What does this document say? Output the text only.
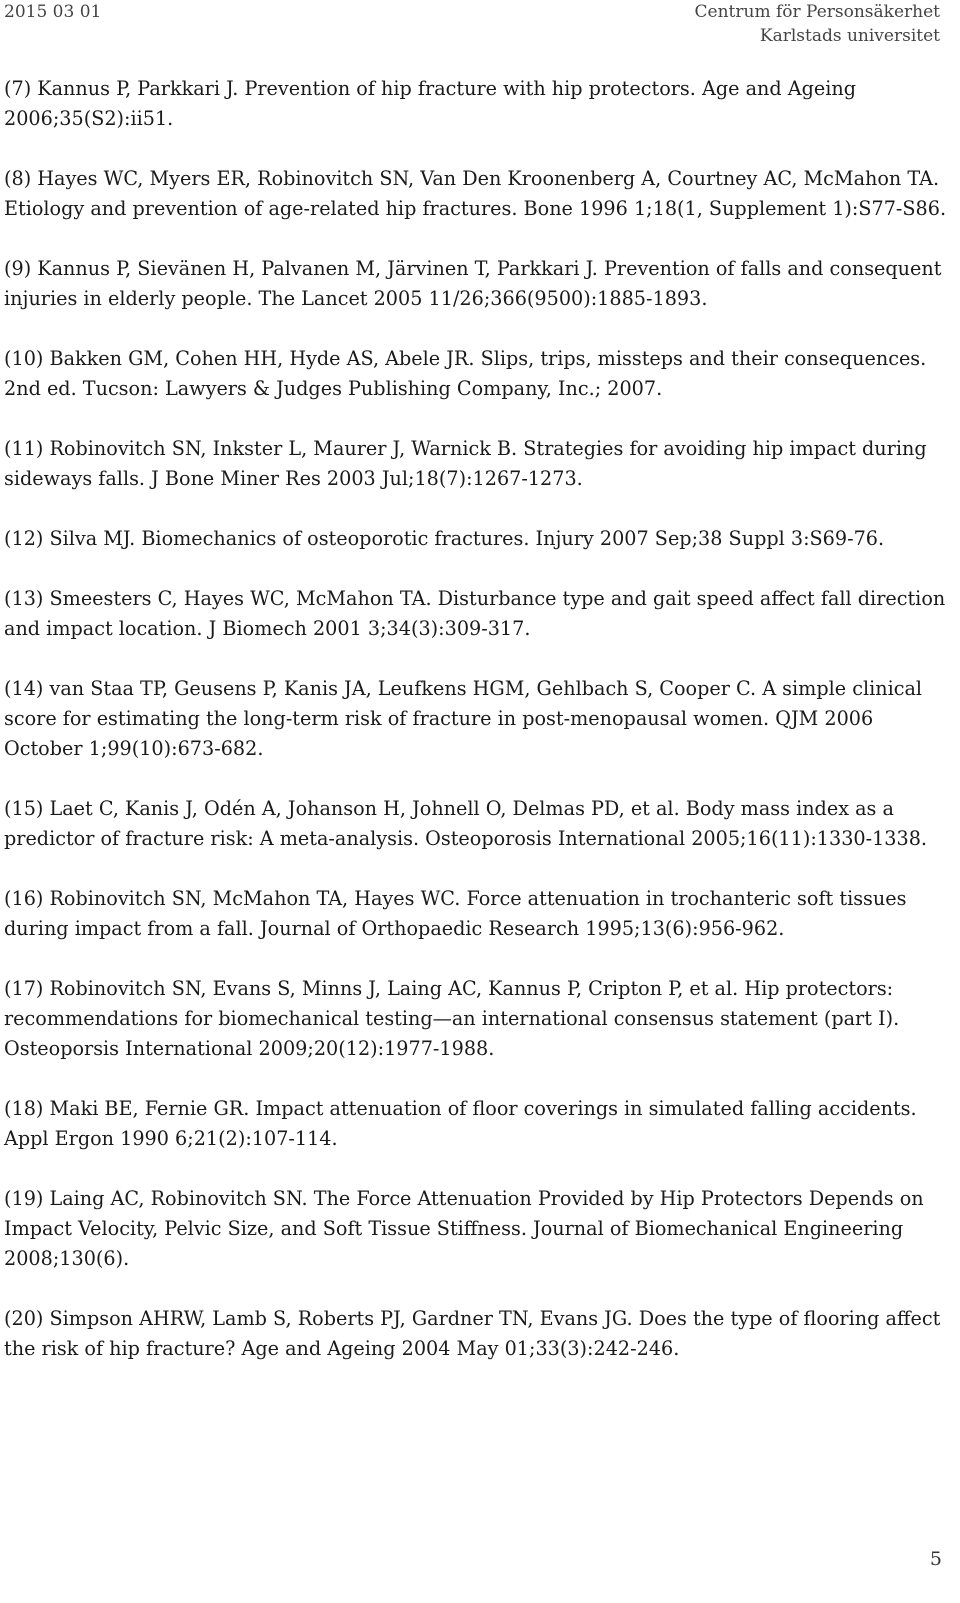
2015 03 01	Centrum för Personsäkerhet
Karlstads universitet
(7) Kannus P, Parkkari J. Prevention of hip fracture with hip protectors. Age and Ageing 2006;35(S2):ii51.
(8) Hayes WC, Myers ER, Robinovitch SN, Van Den Kroonenberg A, Courtney AC, McMahon TA. Etiology and prevention of age-related hip fractures. Bone 1996 1;18(1, Supplement 1):S77-S86.
(9) Kannus P, Sievänen H, Palvanen M, Järvinen T, Parkkari J. Prevention of falls and consequent injuries in elderly people. The Lancet 2005 11/26;366(9500):1885-1893.
(10) Bakken GM, Cohen HH, Hyde AS, Abele JR. Slips, trips, missteps and their consequences. 2nd ed. Tucson: Lawyers & Judges Publishing Company, Inc.; 2007.
(11) Robinovitch SN, Inkster L, Maurer J, Warnick B. Strategies for avoiding hip impact during sideways falls. J Bone Miner Res 2003 Jul;18(7):1267-1273.
(12) Silva MJ. Biomechanics of osteoporotic fractures. Injury 2007 Sep;38 Suppl 3:S69-76.
(13) Smeesters C, Hayes WC, McMahon TA. Disturbance type and gait speed affect fall direction and impact location. J Biomech 2001 3;34(3):309-317.
(14) van Staa TP, Geusens P, Kanis JA, Leufkens HGM, Gehlbach S, Cooper C. A simple clinical score for estimating the long-term risk of fracture in post-menopausal women. QJM 2006 October 1;99(10):673-682.
(15) Laet C, Kanis J, Odén A, Johanson H, Johnell O, Delmas PD, et al. Body mass index as a predictor of fracture risk: A meta-analysis. Osteoporosis International 2005;16(11):1330-1338.
(16) Robinovitch SN, McMahon TA, Hayes WC. Force attenuation in trochanteric soft tissues during impact from a fall. Journal of Orthopaedic Research 1995;13(6):956-962.
(17) Robinovitch SN, Evans S, Minns J, Laing AC, Kannus P, Cripton P, et al. Hip protectors: recommendations for biomechanical testing—an international consensus statement (part I). Osteoporsis International 2009;20(12):1977-1988.
(18) Maki BE, Fernie GR. Impact attenuation of floor coverings in simulated falling accidents. Appl Ergon 1990 6;21(2):107-114.
(19) Laing AC, Robinovitch SN. The Force Attenuation Provided by Hip Protectors Depends on Impact Velocity, Pelvic Size, and Soft Tissue Stiffness. Journal of Biomechanical Engineering 2008;130(6).
(20) Simpson AHRW, Lamb S, Roberts PJ, Gardner TN, Evans JG. Does the type of flooring affect the risk of hip fracture? Age and Ageing 2004 May 01;33(3):242-246.
5
